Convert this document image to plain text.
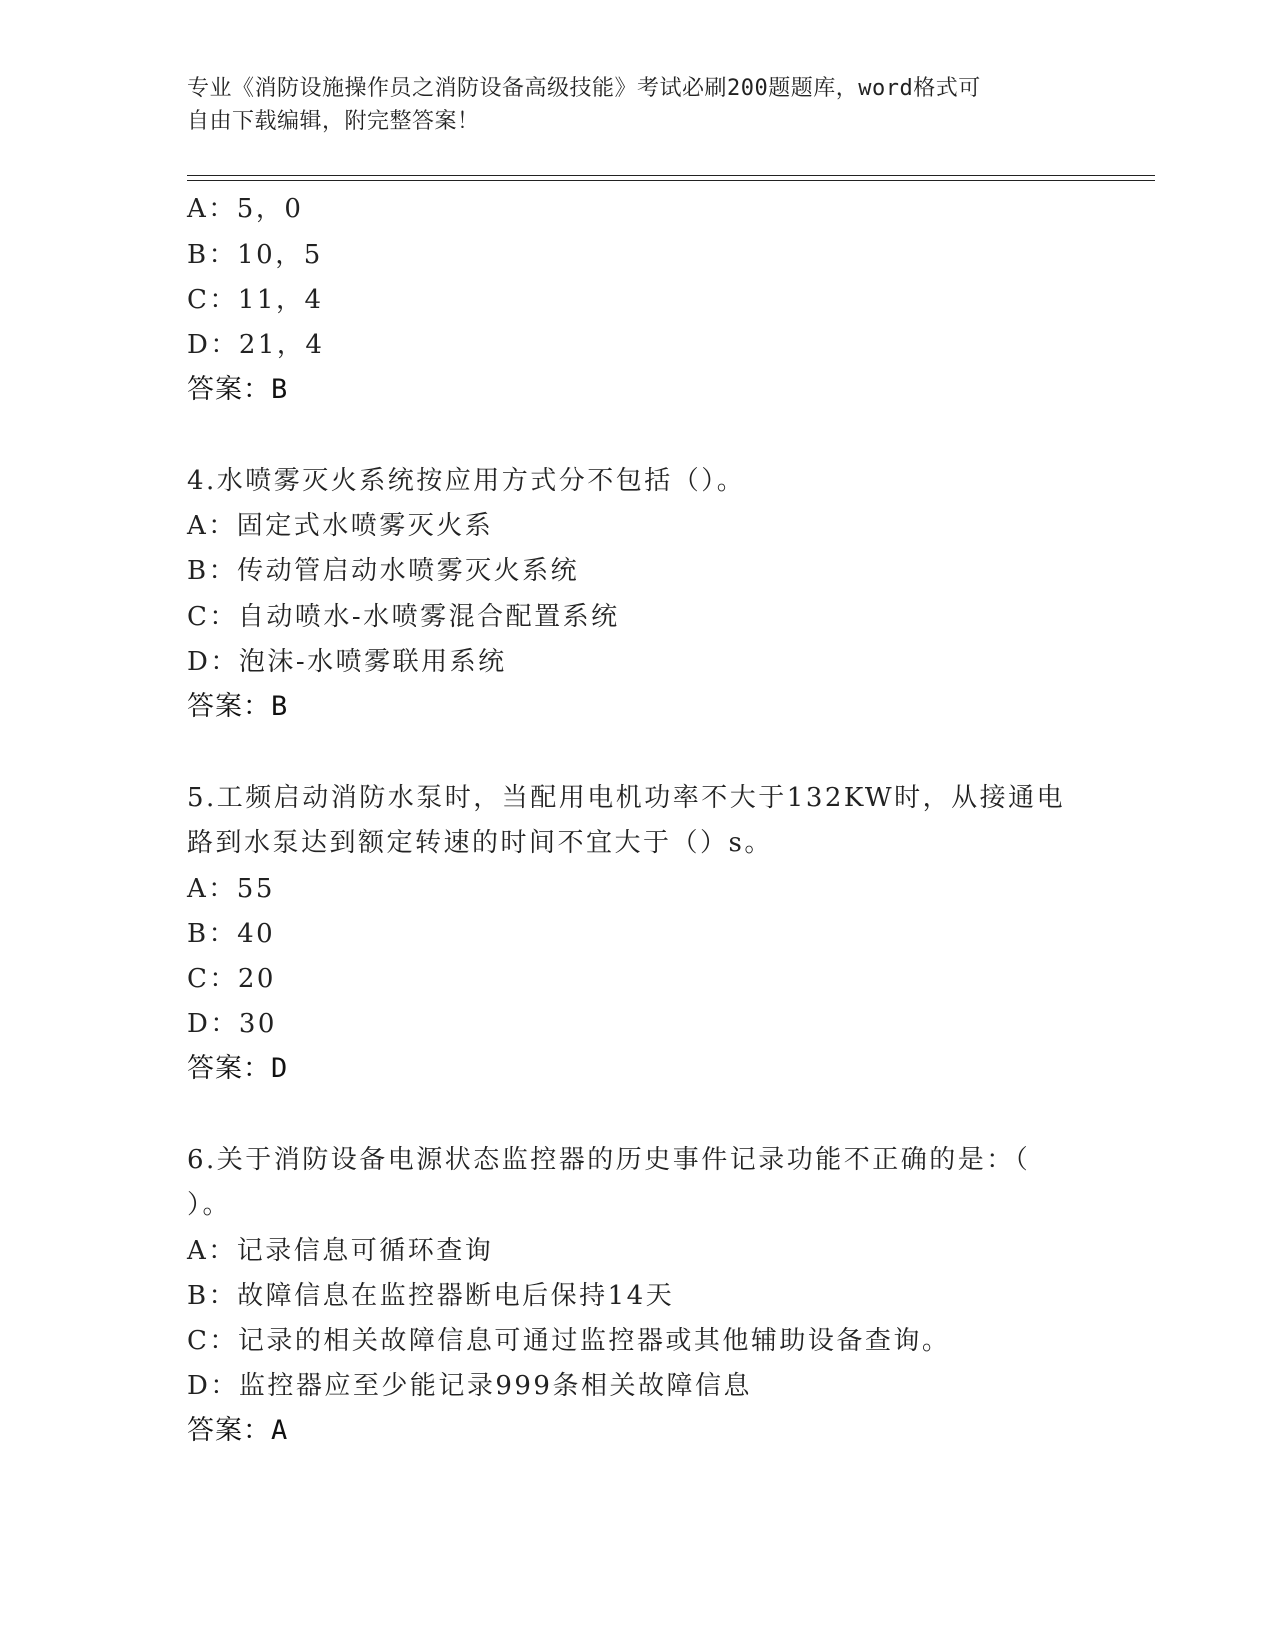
专业《消防设施操作员之消防设备高级技能》考试必刷200题题库，word格式可
自由下载编辑，附完整答案！
A：5，0
B：10，5
C：11，4
D：21，4
答案：B
4.水喷雾灭火系统按应用方式分不包括（）。
A：固定式水喷雾灭火系
B：传动管启动水喷雾灭火系统
C：自动喷水-水喷雾混合配置系统
D：泡沫-水喷雾联用系统
答案：B
5.工频启动消防水泵时，当配用电机功率不大于132KW时，从接通电
路到水泵达到额定转速的时间不宜大于（）s。
A：55
B：40
C：20
D：30
答案：D
6.关于消防设备电源状态监控器的历史事件记录功能不正确的是：（
）。
A：记录信息可循环查询
B：故障信息在监控器断电后保持14天
C：记录的相关故障信息可通过监控器或其他辅助设备查询。
D：监控器应至少能记录999条相关故障信息
答案：A
